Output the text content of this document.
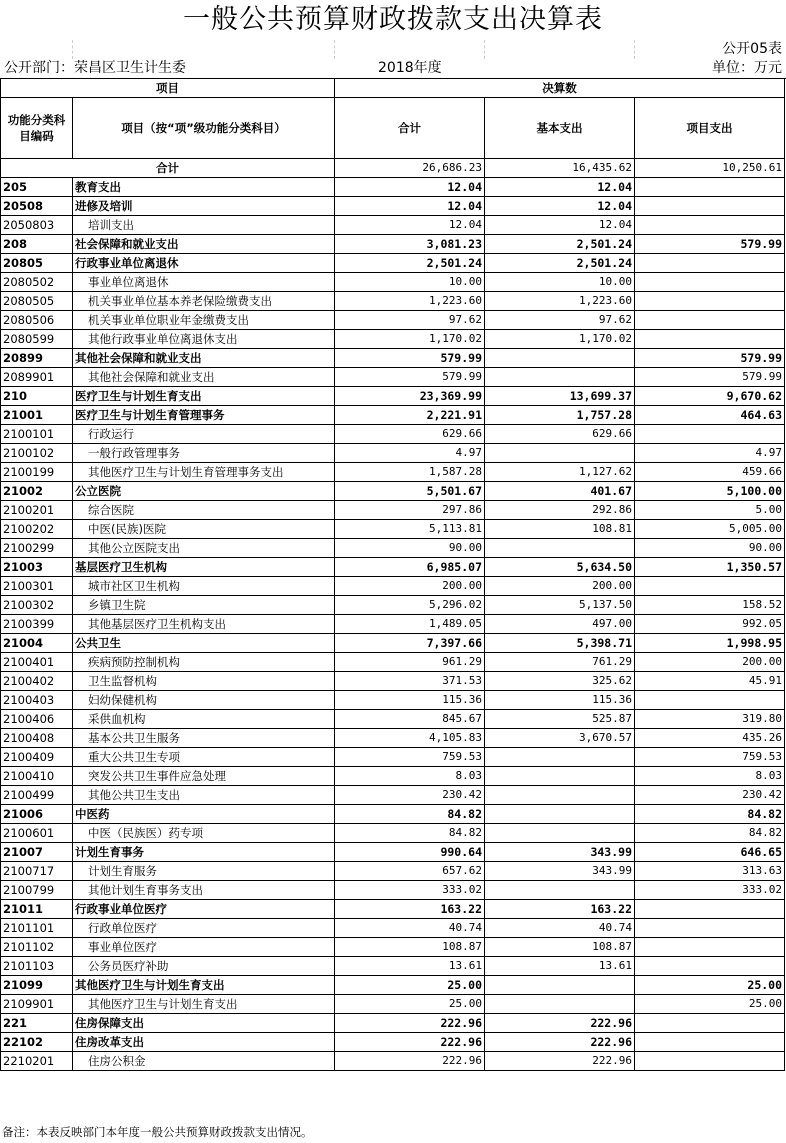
一般公共预算财政拨款支出决算表
公开05表
公开部门：荣昌区卫生计生委	2018年度	单位：万元
项目		决算数		
功能分类科目编码	项目（按“项”级功能分类科目）	合计	基本支出	项目支出
合计		26,686.23	16,435.62	10,250.61
205	教育支出	12.04	12.04	
20508	进修及培训	12.04	12.04	
2050803	培训支出	12.04	12.04	
208	社会保障和就业支出	3,081.23	2,501.24	579.99
20805	行政事业单位离退休	2,501.24	2,501.24	
2080502	事业单位离退休	10.00	10.00	
2080505	机关事业单位基本养老保险缴费支出	1,223.60	1,223.60	
2080506	机关事业单位职业年金缴费支出	97.62	97.62	
2080599	其他行政事业单位离退休支出	1,170.02	1,170.02	
20899	其他社会保障和就业支出	579.99		579.99
2089901	其他社会保障和就业支出	579.99		579.99
210	医疗卫生与计划生育支出	23,369.99	13,699.37	9,670.62
21001	医疗卫生与计划生育管理事务	2,221.91	1,757.28	464.63
2100101	行政运行	629.66	629.66	
2100102	一般行政管理事务	4.97		4.97
2100199	其他医疗卫生与计划生育管理事务支出	1,587.28	1,127.62	459.66
21002	公立医院	5,501.67	401.67	5,100.00
2100201	综合医院	297.86	292.86	5.00
2100202	中医(民族)医院	5,113.81	108.81	5,005.00
2100299	其他公立医院支出	90.00		90.00
21003	基层医疗卫生机构	6,985.07	5,634.50	1,350.57
2100301	城市社区卫生机构	200.00	200.00	
2100302	乡镇卫生院	5,296.02	5,137.50	158.52
2100399	其他基层医疗卫生机构支出	1,489.05	497.00	992.05
21004	公共卫生	7,397.66	5,398.71	1,998.95
2100401	疾病预防控制机构	961.29	761.29	200.00
2100402	卫生监督机构	371.53	325.62	45.91
2100403	妇幼保健机构	115.36	115.36	
2100406	采供血机构	845.67	525.87	319.80
2100408	基本公共卫生服务	4,105.83	3,670.57	435.26
2100409	重大公共卫生专项	759.53		759.53
2100410	突发公共卫生事件应急处理	8.03		8.03
2100499	其他公共卫生支出	230.42		230.42
21006	中医药	84.82		84.82
2100601	中医（民族医）药专项	84.82		84.82
21007	计划生育事务	990.64	343.99	646.65
2100717	计划生育服务	657.62	343.99	313.63
2100799	其他计划生育事务支出	333.02		333.02
21011	行政事业单位医疗	163.22	163.22	
2101101	行政单位医疗	40.74	40.74	
2101102	事业单位医疗	108.87	108.87	
2101103	公务员医疗补助	13.61	13.61	
21099	其他医疗卫生与计划生育支出	25.00		25.00
2109901	其他医疗卫生与计划生育支出	25.00		25.00
221	住房保障支出	222.96	222.96	
22102	住房改革支出	222.96	222.96	
2210201	住房公积金	222.96	222.96	
备注：本表反映部门本年度一般公共预算财政拨款支出情况。
